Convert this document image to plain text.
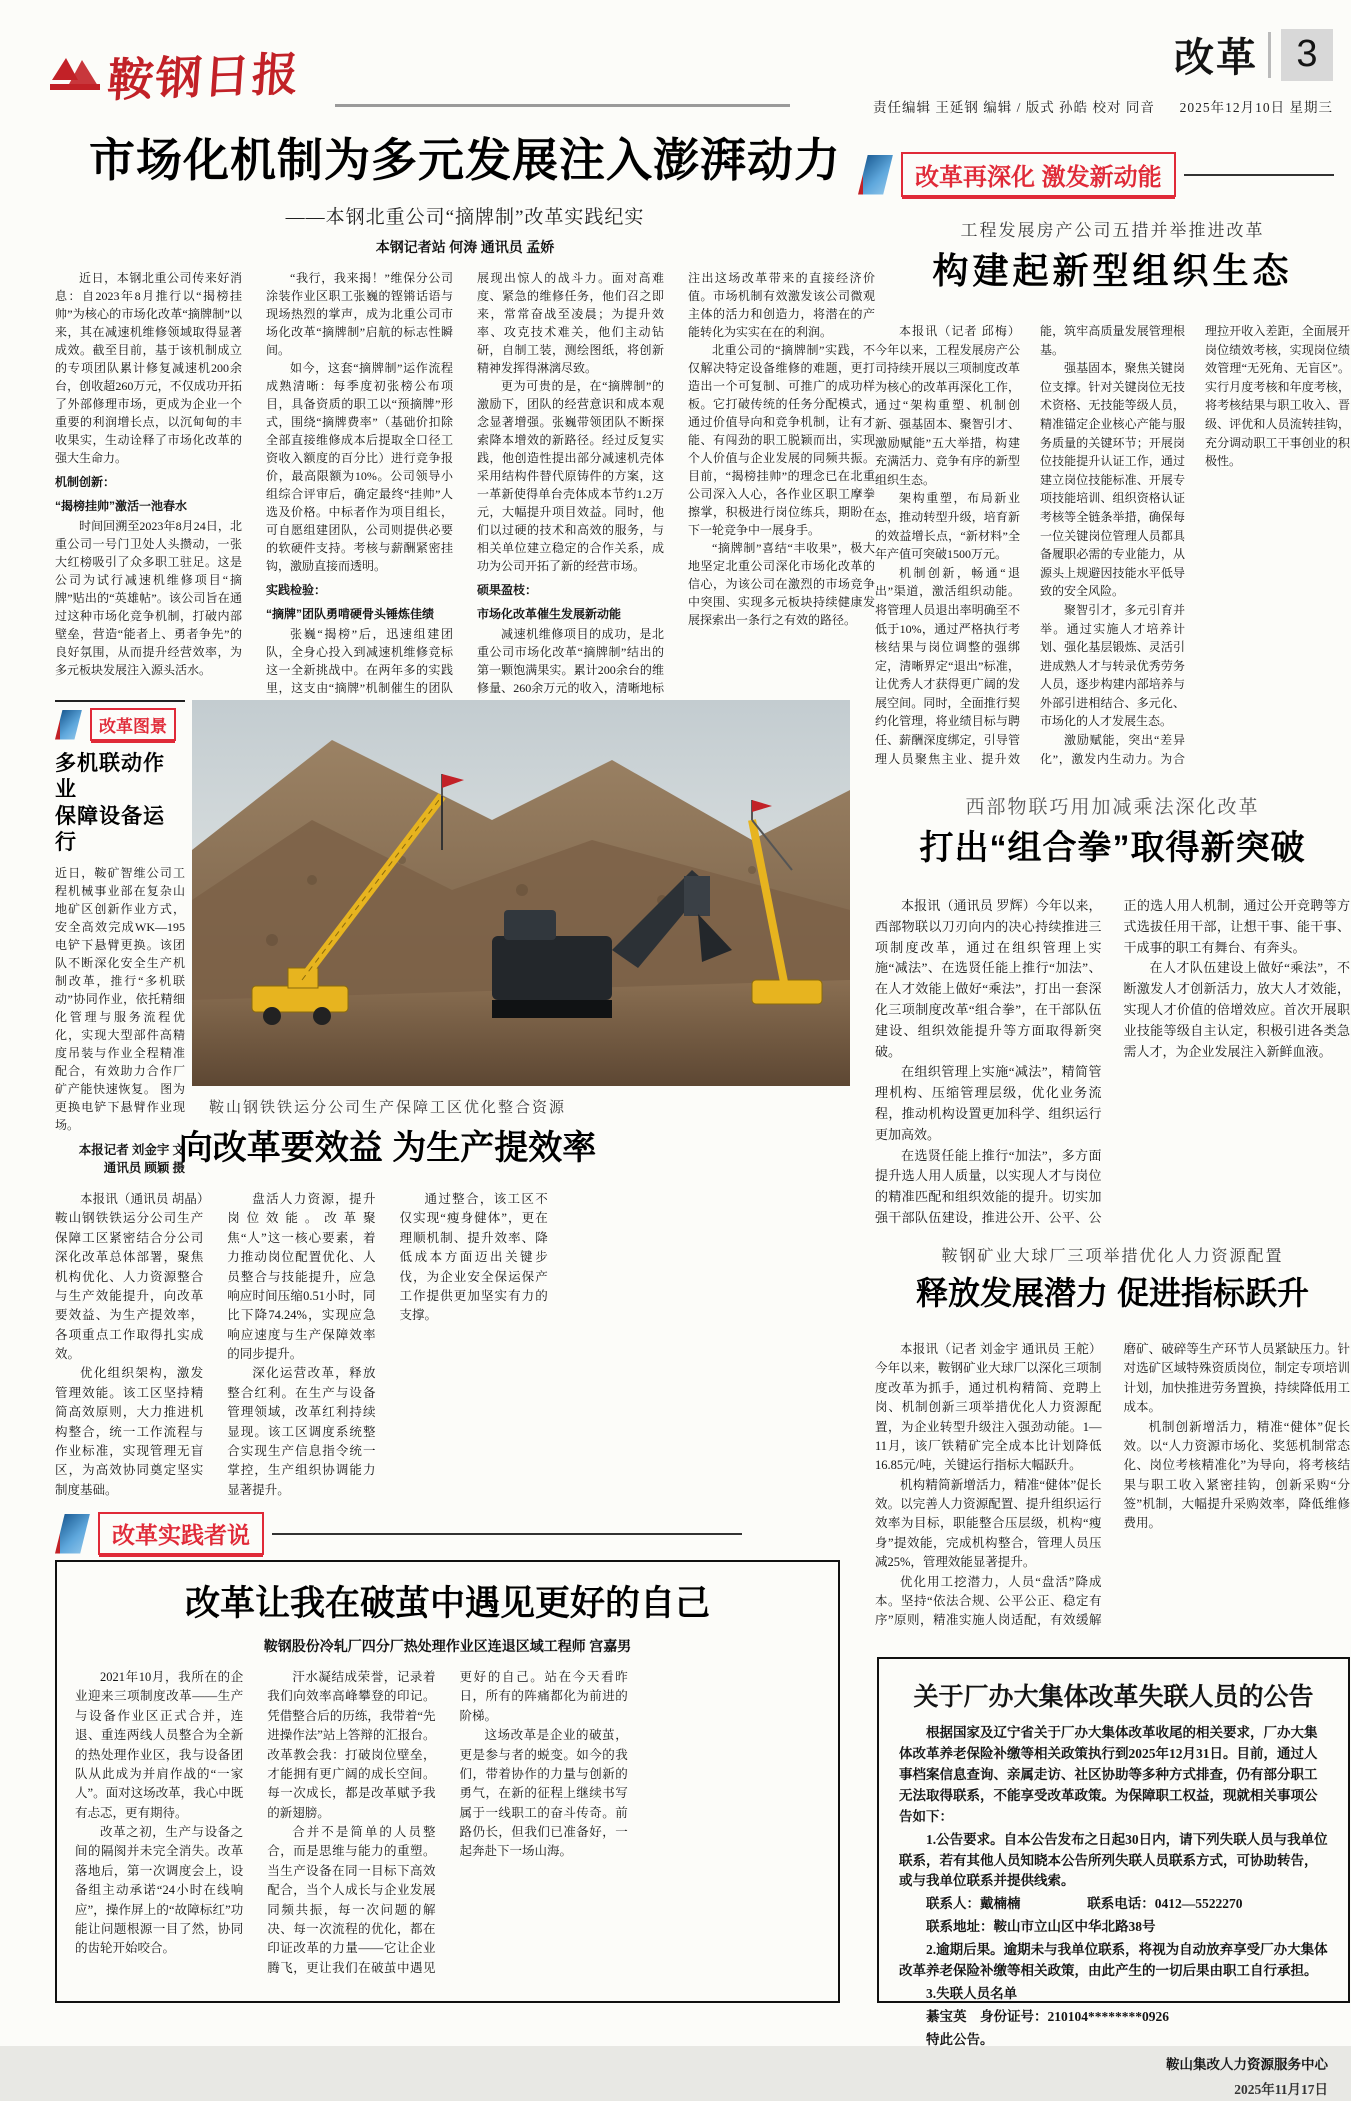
鞍钢日报
责任编辑 王延钢 编辑 / 版式 孙皓 校对 同音 2025年12月10日 星期三
改革	3
市场化机制为多元发展注入澎湃动力
——本钢北重公司“摘牌制”改革实践纪实
本钢记者站 何涛 通讯员 孟娇

近日，本钢北重公司传来好消息：自2023年8月推行以“揭榜挂帅”为核心的市场化改革“摘牌制”以来，其在减速机维修领域取得显著成效。截至目前，基于该机制成立的专项团队累计修复减速机200余台，创收超260万元，不仅成功开拓了外部修理市场，更成为企业一个重要的利润增长点，以沉甸甸的丰收果实，生动诠释了市场化改革的强大生命力。

机制创新：

“揭榜挂帅”激活一池春水

时间回溯至2023年8月24日，北重公司一号门卫处人头攒动，一张大红榜吸引了众多职工驻足。这是公司为试行减速机维修项目“摘牌”贴出的“英雄帖”。该公司旨在通过这种市场化竞争机制，打破内部壁垒，营造“能者上、勇者争先”的良好氛围，从而提升经营效率，为多元板块发展注入源头活水。

“我行，我来揭！”维保分公司涂装作业区职工张巍的铿锵话语与现场热烈的掌声，成为北重公司市场化改革“摘牌制”启航的标志性瞬间。

如今，这套“摘牌制”运作流程成熟清晰：每季度初张榜公布项目，具备资质的职工以“预摘牌”形式，围绕“摘牌费率”（基础价扣除全部直接维修成本后提取全口径工资收入额度的百分比）进行竞争报价，最高限额为10%。公司领导小组综合评审后，确定最终“挂帅”人选及价格。中标者作为项目组长，可自愿组建团队，公司则提供必要的软硬件支持。考核与薪酬紧密挂钩，激励直接而透明。

实践检验：

“摘牌”团队勇啃硬骨头锤炼佳绩

张巍“揭榜”后，迅速组建团队，全身心投入到减速机维修竞标这一全新挑战中。在两年多的实践里，这支由“摘牌”机制催生的团队展现出惊人的战斗力。面对高难度、紧急的维修任务，他们召之即来，常常奋战至凌晨；为提升效率、攻克技术难关，他们主动钻研，自制工装，测绘图纸，将创新精神发挥得淋漓尽致。

更为可贵的是，在“摘牌制”的激励下，团队的经营意识和成本观念显著增强。张巍带领团队不断探索降本增效的新路径。经过反复实践，他创造性提出部分减速机壳体采用结构件替代原铸件的方案，这一革新使得单台壳体成本节约1.2万元，大幅提升项目效益。同时，他们以过硬的技术和高效的服务，与相关单位建立稳定的合作关系，成功为公司开拓了新的经营市场。

硕果盈枝：

市场化改革催生发展新动能

减速机维修项目的成功，是北重公司市场化改革“摘牌制”结出的第一颗饱满果实。累计200余台的维修量、260余万元的收入，清晰地标注出这场改革带来的直接经济价值。市场机制有效激发该公司微观主体的活力和创造力，将潜在的产能转化为实实在在的利润。

北重公司的“摘牌制”实践，不仅解决特定设备维修的难题，更打造出一个可复制、可推广的成功样板。它打破传统的任务分配模式，通过价值导向和竞争机制，让有才能、有闯劲的职工脱颖而出，实现个人价值与企业发展的同频共振。目前，“揭榜挂帅”的理念已在北重公司深入人心，各作业区职工摩拳擦掌，积极进行岗位练兵，期盼在下一轮竞争中一展身手。

“摘牌制”喜结“丰收果”，极大地坚定北重公司深化市场化改革的信心，为该公司在激烈的市场竞争中突围、实现多元板块持续健康发展探索出一条行之有效的路径。

改革再深化 激发新动能
工程发展房产公司五措并举推进改革
构建起新型组织生态

本报讯（记者 邱梅）今年以来，工程发展房产公司持续开展以三项制度改革为核心的改革再深化工作，通过“架构重塑、机制创新、强基固本、聚智引才、激励赋能”五大举措，构建充满活力、竞争有序的新型组织生态。

架构重塑，布局新业态，推动转型升级，培育新的效益增长点，“新材料”全年产值可突破1500万元。

机制创新，畅通“退出”渠道，激活组织动能。将管理人员退出率明确至不低于10%，通过严格执行考核结果与岗位调整的强绑定，清晰界定“退出”标准，让优秀人才获得更广阔的发展空间。同时，全面推行契约化管理，将业绩目标与聘任、薪酬深度绑定，引导管理人员聚焦主业、提升效能，筑牢高质量发展管理根基。

强基固本，聚焦关键岗位支撑。针对关键岗位无技术资格、无技能等级人员，精准锚定企业核心产能与服务质量的关键环节；开展岗位技能提升认证工作，通过建立岗位技能标准、开展专项技能培训、组织资格认证考核等全链条举措，确保每一位关键岗位管理人员都具备履职必需的专业能力，从源头上规避因技能水平低导致的安全风险。

聚智引才，多元引育并举。通过实施人才培养计划、强化基层锻炼、灵活引进成熟人才与转录优秀劳务人员，逐步构建内部培养与外部引进相结合、多元化、市场化的人才发展生态。

激励赋能，突出“差异化”，激发内生动力。为合理拉开收入差距，全面展开岗位绩效考核，实现岗位绩效管理“无死角、无盲区”。实行月度考核和年度考核，将考核结果与职工收入、晋级、评优和人员流转挂钩，充分调动职工干事创业的积极性。

改革图景
多机联动作业
保障设备运行
近日，鞍矿智维公司工程机械事业部在复杂山地矿区创新作业方式，安全高效完成WK—195电铲下悬臂更换。该团队不断深化安全生产机制改革，推行“多机联动”协同作业，依托精细化管理与服务流程优化，实现大型部件高精度吊装与作业全程精准配合，有效助力合作厂矿产能快速恢复。 图为更换电铲下悬臂作业现场。
本报记者 刘金宇 文
通讯员 顾颖 摄
西部物联巧用加减乘法深化改革
打出“组合拳”取得新突破

本报讯（通讯员 罗辉）今年以来，西部物联以刀刃向内的决心持续推进三项制度改革，通过在组织管理上实施“减法”、在选贤任能上推行“加法”、在人才效能上做好“乘法”，打出一套深化三项制度改革“组合拳”，在干部队伍建设、组织效能提升等方面取得新突破。

在组织管理上实施“减法”，精简管理机构、压缩管理层级，优化业务流程，推动机构设置更加科学、组织运行更加高效。

在选贤任能上推行“加法”，多方面提升选人用人质量，以实现人才与岗位的精准匹配和组织效能的提升。切实加强干部队伍建设，推进公开、公平、公正的选人用人机制，通过公开竞聘等方式选拔任用干部，让想干事、能干事、干成事的职工有舞台、有奔头。

在人才队伍建设上做好“乘法”，不断激发人才创新活力，放大人才效能，实现人才价值的倍增效应。首次开展职业技能等级自主认定，积极引进各类急需人才，为企业发展注入新鲜血液。

鞍钢矿业大球厂三项举措优化人力资源配置
释放发展潜力 促进指标跃升

本报讯（记者 刘金宇 通讯员 王舵）今年以来，鞍钢矿业大球厂以深化三项制度改革为抓手，通过机构精简、竞聘上岗、机制创新三项举措优化人力资源配置，为企业转型升级注入强劲动能。1—11月，该厂铁精矿完全成本比计划降低16.85元/吨，关键运行指标大幅跃升。

机构精简新增活力，精准“健体”促长效。以完善人力资源配置、提升组织运行效率为目标，职能整合压层级，机构“瘦身”提效能，完成机构整合，管理人员压减25%，管理效能显著提升。

优化用工挖潜力，人员“盘活”降成本。坚持“依法合规、公平公正、稳定有序”原则，精准实施人岗适配，有效缓解磨矿、破碎等生产环节人员紧缺压力。针对选矿区域特殊资质岗位，制定专项培训计划，加快推进劳务置换，持续降低用工成本。

机制创新增活力，精准“健体”促长效。以“人力资源市场化、奖惩机制常态化、岗位考核精准化”为导向，将考核结果与职工收入紧密挂钩，创新采购“分签”机制，大幅提升采购效率，降低维修费用。

鞍山钢铁铁运分公司生产保障工区优化整合资源
向改革要效益 为生产提效率

本报讯（通讯员 胡晶）鞍山钢铁铁运分公司生产保障工区紧密结合分公司深化改革总体部署，聚焦机构优化、人力资源整合与生产效能提升，向改革要效益、为生产提效率，各项重点工作取得扎实成效。

优化组织架构，激发管理效能。该工区坚持精简高效原则，大力推进机构整合，统一工作流程与作业标准，实现管理无盲区，为高效协同奠定坚实制度基础。

盘活人力资源，提升岗位效能。改革聚焦“人”这一核心要素，着力推动岗位配置优化、人员整合与技能提升，应急响应时间压缩0.51小时，同比下降74.24%，实现应急响应速度与生产保障效率的同步提升。

深化运营改革，释放整合红利。在生产与设备管理领域，改革红利持续显现。该工区调度系统整合实现生产信息指令统一掌控，生产组织协调能力显著提升。

通过整合，该工区不仅实现“瘦身健体”，更在理顺机制、提升效率、降低成本方面迈出关键步伐，为企业安全保运保产工作提供更加坚实有力的支撑。

改革实践者说
改革让我在破茧中遇见更好的自己
鞍钢股份冷轧厂四分厂热处理作业区连退区域工程师 宫嘉男

2021年10月，我所在的企业迎来三项制度改革——生产与设备作业区正式合并，连退、重连两线人员整合为全新的热处理作业区，我与设备团队从此成为并肩作战的“一家人”。面对这场改革，我心中既有忐忑，更有期待。

改革之初，生产与设备之间的隔阂并未完全消失。改革落地后，第一次调度会上，设备组主动承诺“24小时在线响应”，操作屏上的“故障标红”功能让问题根源一目了然，协同的齿轮开始咬合。

汗水凝结成荣誉，记录着我们向效率高峰攀登的印记。凭借整合后的历练，我带着“先进操作法”站上答辩的汇报台。改革教会我：打破岗位壁垒，才能拥有更广阔的成长空间。每一次成长，都是改革赋予我的新翅膀。

合并不是简单的人员整合，而是思维与能力的重塑。当生产设备在同一目标下高效配合，当个人成长与企业发展同频共振，每一次问题的解决、每一次流程的优化，都在印证改革的力量——它让企业腾飞，更让我们在破茧中遇见更好的自己。站在今天看昨日，所有的阵痛都化为前进的阶梯。

这场改革是企业的破茧，更是参与者的蜕变。如今的我们，带着协作的力量与创新的勇气，在新的征程上继续书写属于一线职工的奋斗传奇。前路仍长，但我们已准备好，一起奔赴下一场山海。

关于厂办大集体改革失联人员的公告

根据国家及辽宁省关于厂办大集体改革收尾的相关要求，厂办大集体改革养老保险补缴等相关政策执行到2025年12月31日。目前，通过人事档案信息查询、亲属走访、社区协助等多种方式排查，仍有部分职工无法取得联系，不能享受改革政策。为保障职工权益，现就相关事项公告如下：

1.公告要求。自本公告发布之日起30日内，请下列失联人员与我单位联系，若有其他人员知晓本公告所列失联人员联系方式，可协助转告，或与我单位联系并提供线索。

联系人：戴楠楠	联系电话：0412—5522270

联系地址：鞍山市立山区中华北路38号

2.逾期后果。逾期未与我单位联系，将视为自动放弃享受厂办大集体改革养老保险补缴等相关政策，由此产生的一切后果由职工自行承担。

3.失联人员名单

綦宝英　身份证号：210104********0926

特此公告。

鞍山集改人力资源服务中心

2025年11月17日
